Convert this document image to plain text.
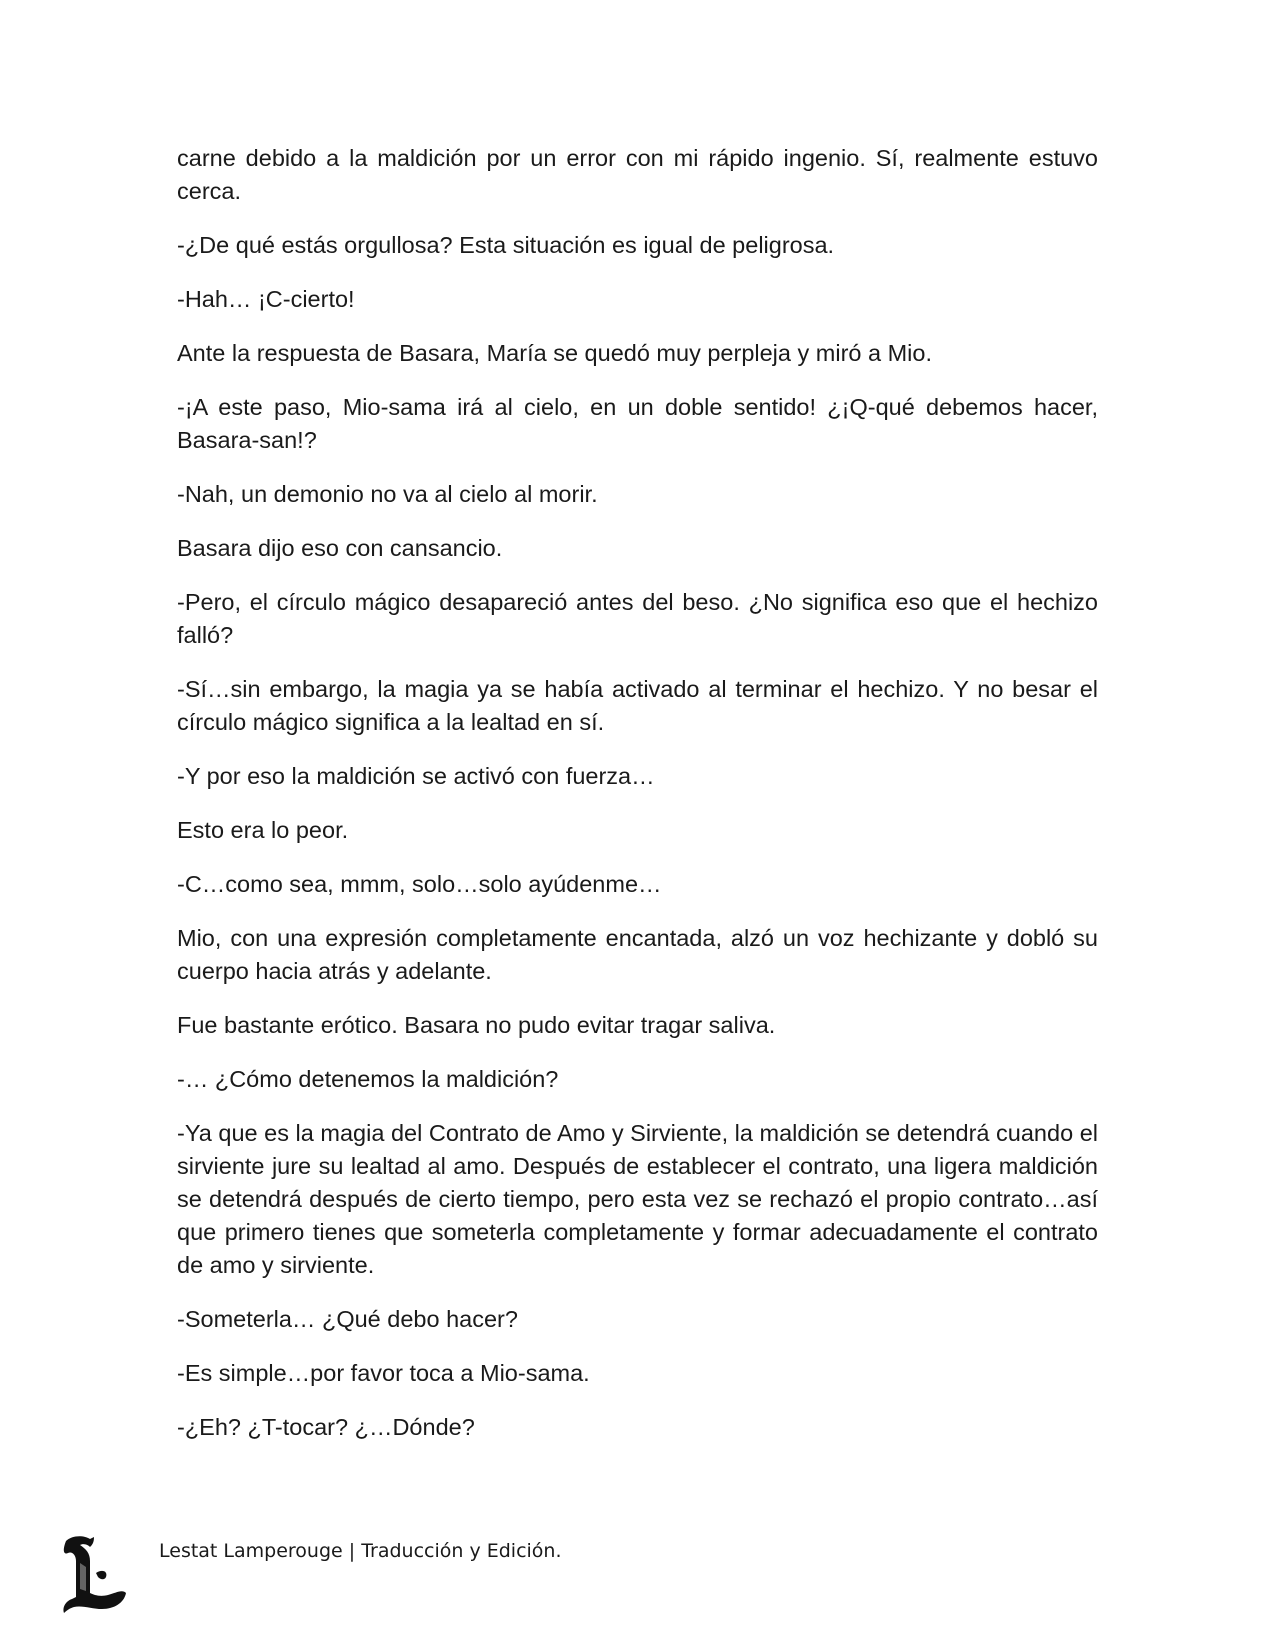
carne debido a la maldición por un error con mi rápido ingenio. Sí, realmente estuvo cerca.

-¿De qué estás orgullosa? Esta situación es igual de peligrosa.

-Hah… ¡C-cierto!

Ante la respuesta de Basara, María se quedó muy perpleja y miró a Mio.

-¡A este paso, Mio-sama irá al cielo, en un doble sentido! ¿¡Q-qué debemos hacer, Basara-san!?

-Nah, un demonio no va al cielo al morir.

Basara dijo eso con cansancio.

-Pero, el círculo mágico desapareció antes del beso. ¿No significa eso que el hechizo falló?

-Sí…sin embargo, la magia ya se había activado al terminar el hechizo. Y no besar el círculo mágico significa a la lealtad en sí.

-Y por eso la maldición se activó con fuerza…

Esto era lo peor.

-C…como sea, mmm, solo…solo ayúdenme…

Mio, con una expresión completamente encantada, alzó un voz hechizante y dobló su cuerpo hacia atrás y adelante.

Fue bastante erótico. Basara no pudo evitar tragar saliva.

-… ¿Cómo detenemos la maldición?

-Ya que es la magia del Contrato de Amo y Sirviente, la maldición se detendrá cuando el sirviente jure su lealtad al amo. Después de establecer el contrato, una ligera maldición se detendrá después de cierto tiempo, pero esta vez se rechazó el propio contrato…así que primero tienes que someterla completamente y formar adecuadamente el contrato de amo y sirviente.

-Someterla… ¿Qué debo hacer?

-Es simple…por favor toca a Mio-sama.

-¿Eh? ¿T-tocar? ¿…Dónde?

Lestat Lamperouge | Traducción y Edición.
